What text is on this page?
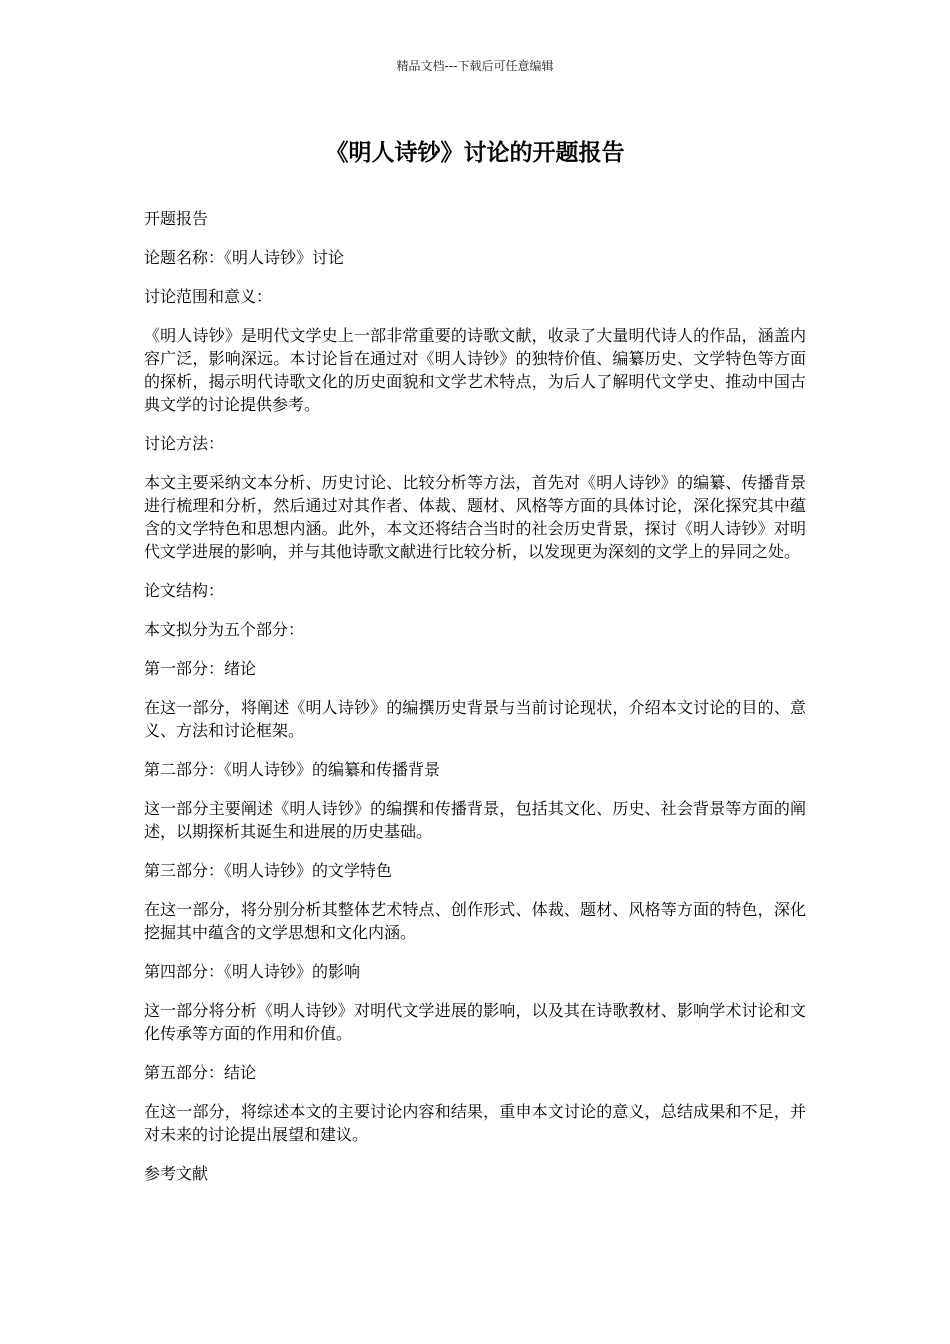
精品文档---下载后可任意编辑
《明人诗钞》讨论的开题报告

开题报告

论题名称：《明人诗钞》讨论

讨论范围和意义：

《明人诗钞》是明代文学史上一部非常重要的诗歌文献，收录了大量明代诗人的作品，涵盖内容广泛，影响深远。本讨论旨在通过对《明人诗钞》的独特价值、编纂历史、文学特色等方面的探析，揭示明代诗歌文化的历史面貌和文学艺术特点，为后人了解明代文学史、推动中国古典文学的讨论提供参考。

讨论方法：

本文主要采纳文本分析、历史讨论、比较分析等方法，首先对《明人诗钞》的编纂、传播背景进行梳理和分析，然后通过对其作者、体裁、题材、风格等方面的具体讨论，深化探究其中蕴含的文学特色和思想内涵。此外，本文还将结合当时的社会历史背景，探讨《明人诗钞》对明代文学进展的影响，并与其他诗歌文献进行比较分析，以发现更为深刻的文学上的异同之处。

论文结构：

本文拟分为五个部分：

第一部分：绪论

在这一部分，将阐述《明人诗钞》的编撰历史背景与当前讨论现状，介绍本文讨论的目的、意义、方法和讨论框架。

第二部分：《明人诗钞》的编纂和传播背景

这一部分主要阐述《明人诗钞》的编撰和传播背景，包括其文化、历史、社会背景等方面的阐述，以期探析其诞生和进展的历史基础。

第三部分：《明人诗钞》的文学特色

在这一部分，将分别分析其整体艺术特点、创作形式、体裁、题材、风格等方面的特色，深化挖掘其中蕴含的文学思想和文化内涵。

第四部分：《明人诗钞》的影响

这一部分将分析《明人诗钞》对明代文学进展的影响，以及其在诗歌教材、影响学术讨论和文化传承等方面的作用和价值。

第五部分：结论

在这一部分，将综述本文的主要讨论内容和结果，重申本文讨论的意义，总结成果和不足，并对未来的讨论提出展望和建议。

参考文献
